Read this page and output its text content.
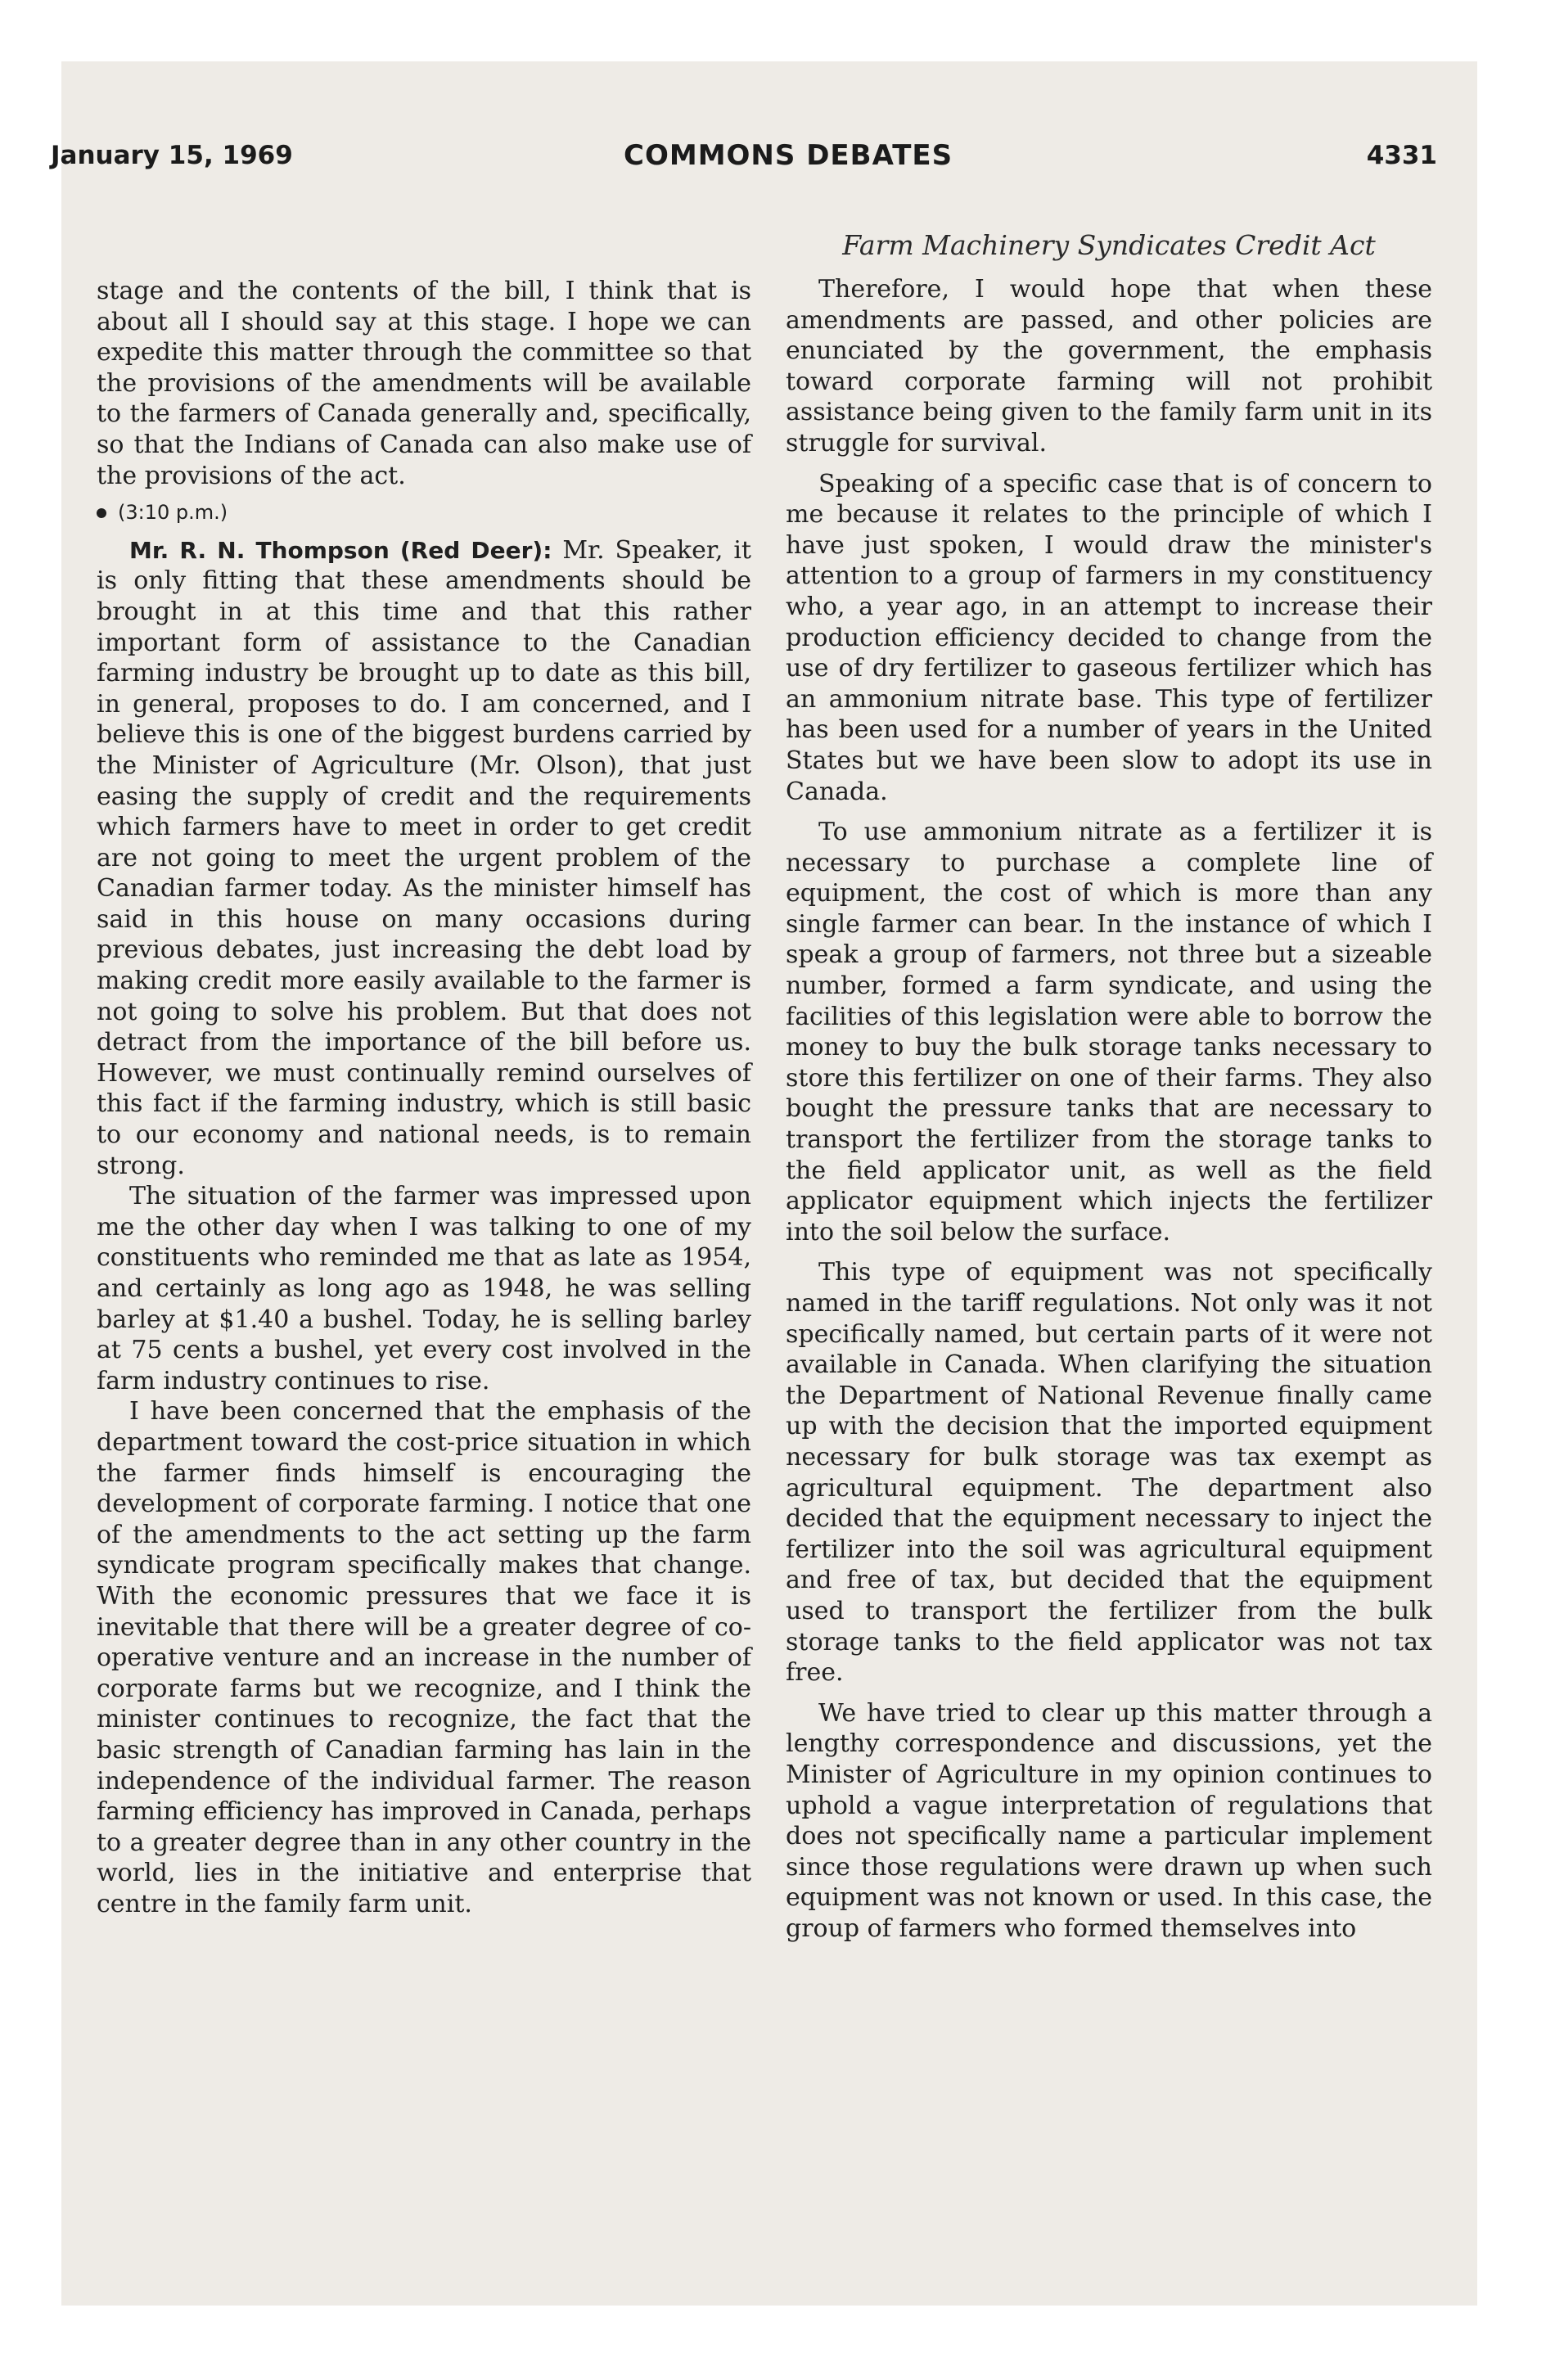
January 15, 1969	COMMONS DEBATES	4331
Farm Machinery Syndicates Credit Act

stage and the contents of the bill, I think that is about all I should say at this stage. I hope we can expedite this matter through the committee so that the provisions of the amendments will be available to the farmers of Canada generally and, specifically, so that the Indians of Canada can also make use of the provisions of the act.

(3:10 p.m.)

Mr. R. N. Thompson (Red Deer): Mr. Speaker, it is only fitting that these amendments should be brought in at this time and that this rather important form of assistance to the Canadian farming industry be brought up to date as this bill, in general, proposes to do. I am concerned, and I believe this is one of the biggest burdens carried by the Minister of Agriculture (Mr. Olson), that just easing the supply of credit and the requirements which farmers have to meet in order to get credit are not going to meet the urgent problem of the Canadian farmer today. As the minister himself has said in this house on many occasions during previous debates, just increasing the debt load by making credit more easily available to the farmer is not going to solve his problem. But that does not detract from the importance of the bill before us. However, we must continually remind ourselves of this fact if the farming industry, which is still basic to our economy and national needs, is to remain strong.

The situation of the farmer was impressed upon me the other day when I was talking to one of my constituents who reminded me that as late as 1954, and certainly as long ago as 1948, he was selling barley at $1.40 a bushel. Today, he is selling barley at 75 cents a bushel, yet every cost involved in the farm industry continues to rise.

I have been concerned that the emphasis of the department toward the cost-price situation in which the farmer finds himself is encouraging the development of corporate farming. I notice that one of the amendments to the act setting up the farm syndicate program specifically makes that change. With the economic pressures that we face it is inevitable that there will be a greater degree of co-operative venture and an increase in the number of corporate farms but we recognize, and I think the minister continues to recognize, the fact that the basic strength of Canadian farming has lain in the independence of the individual farmer. The reason farming efficiency has improved in Canada, perhaps to a greater degree than in any other country in the world, lies in the initiative and enterprise that centre in the family farm unit.

Therefore, I would hope that when these amendments are passed, and other policies are enunciated by the government, the emphasis toward corporate farming will not prohibit assistance being given to the family farm unit in its struggle for survival.

Speaking of a specific case that is of concern to me because it relates to the principle of which I have just spoken, I would draw the minister's attention to a group of farmers in my constituency who, a year ago, in an attempt to increase their production efficiency decided to change from the use of dry fertilizer to gaseous fertilizer which has an ammonium nitrate base. This type of fertilizer has been used for a number of years in the United States but we have been slow to adopt its use in Canada.

To use ammonium nitrate as a fertilizer it is necessary to purchase a complete line of equipment, the cost of which is more than any single farmer can bear. In the instance of which I speak a group of farmers, not three but a sizeable number, formed a farm syndicate, and using the facilities of this legislation were able to borrow the money to buy the bulk storage tanks necessary to store this fertilizer on one of their farms. They also bought the pressure tanks that are necessary to transport the fertilizer from the storage tanks to the field applicator unit, as well as the field applicator equipment which injects the fertilizer into the soil below the surface.

This type of equipment was not specifically named in the tariff regulations. Not only was it not specifically named, but certain parts of it were not available in Canada. When clarifying the situation the Department of National Revenue finally came up with the decision that the imported equipment necessary for bulk storage was tax exempt as agricultural equipment. The department also decided that the equipment necessary to inject the fertilizer into the soil was agricultural equipment and free of tax, but decided that the equipment used to transport the fertilizer from the bulk storage tanks to the field applicator was not tax free.

We have tried to clear up this matter through a lengthy correspondence and discussions, yet the Minister of Agriculture in my opinion continues to uphold a vague interpretation of regulations that does not specifically name a particular implement since those regulations were drawn up when such equipment was not known or used. In this case, the group of farmers who formed themselves into
